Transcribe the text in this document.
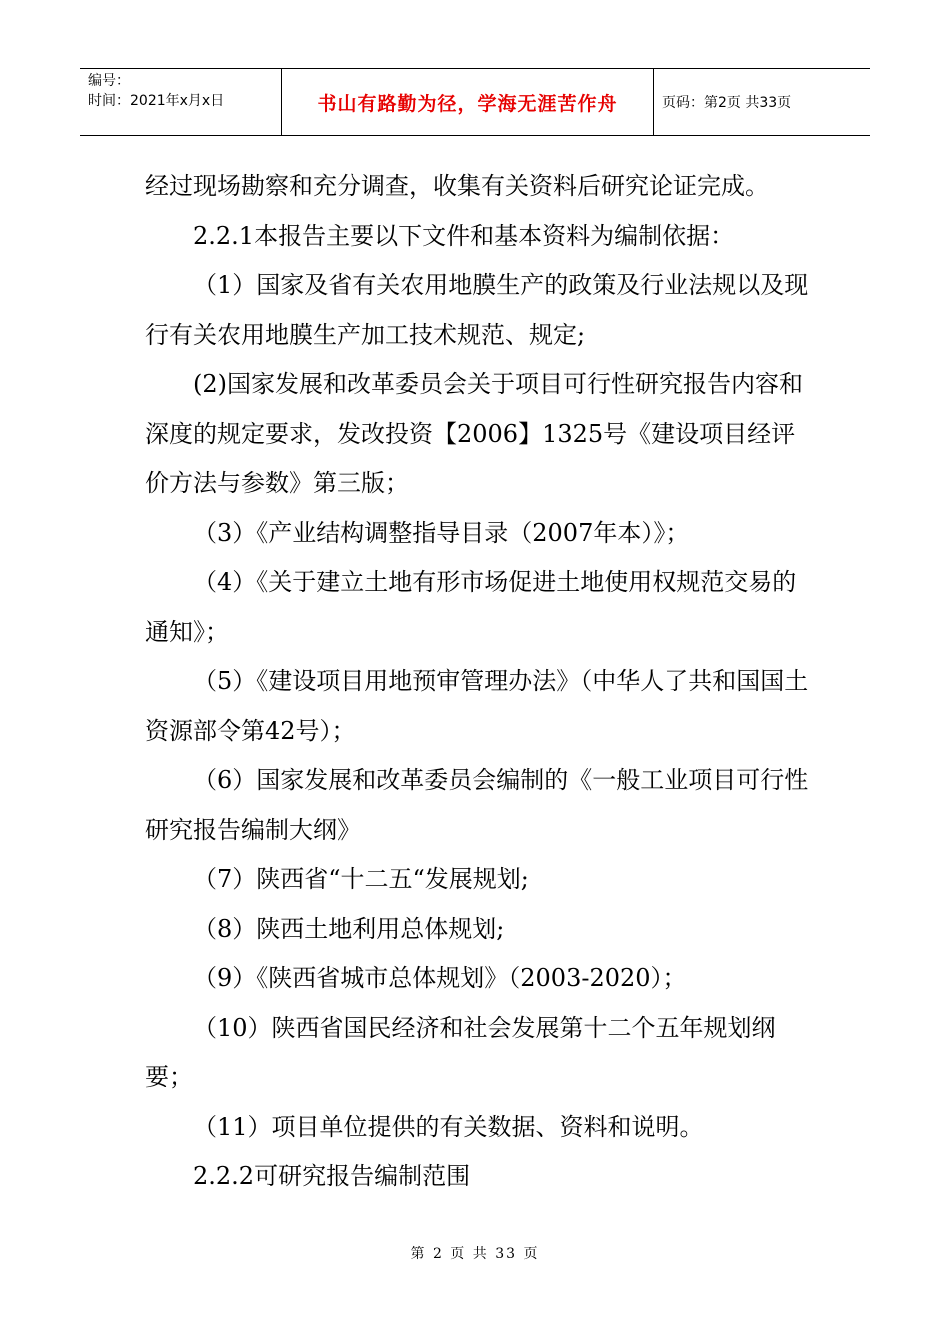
编号：
时间：2021年x月x日	书山有路勤为径，学海无涯苦作舟	页码：第2页 共33页

经过现场勘察和充分调查，收集有关资料后研究论证完成。

2.2.1本报告主要以下文件和基本资料为编制依据：

（1）国家及省有关农用地膜生产的政策及行业法规以及现行有关农用地膜生产加工技术规范、规定;

(2)国家发展和改革委员会关于项目可行性研究报告内容和深度的规定要求，发改投资【2006】1325号《建设项目经评价方法与参数》第三版；

（3）《产业结构调整指导目录（2007年本）》；

（4）《关于建立土地有形市场促进土地使用权规范交易的通知》；

（5）《建设项目用地预审管理办法》（中华人了共和国国土资源部令第42号）；

（6）国家发展和改革委员会编制的《一般工业项目可行性研究报告编制大纲》

（7）陕西省“十二五“发展规划;

（8）陕西土地利用总体规划;

（9）《陕西省城市总体规划》（2003-2020）；

（10）陕西省国民经济和社会发展第十二个五年规划纲要；

（11）项目单位提供的有关数据、资料和说明。

2.2.2可研究报告编制范围

第 2 页 共 33 页
